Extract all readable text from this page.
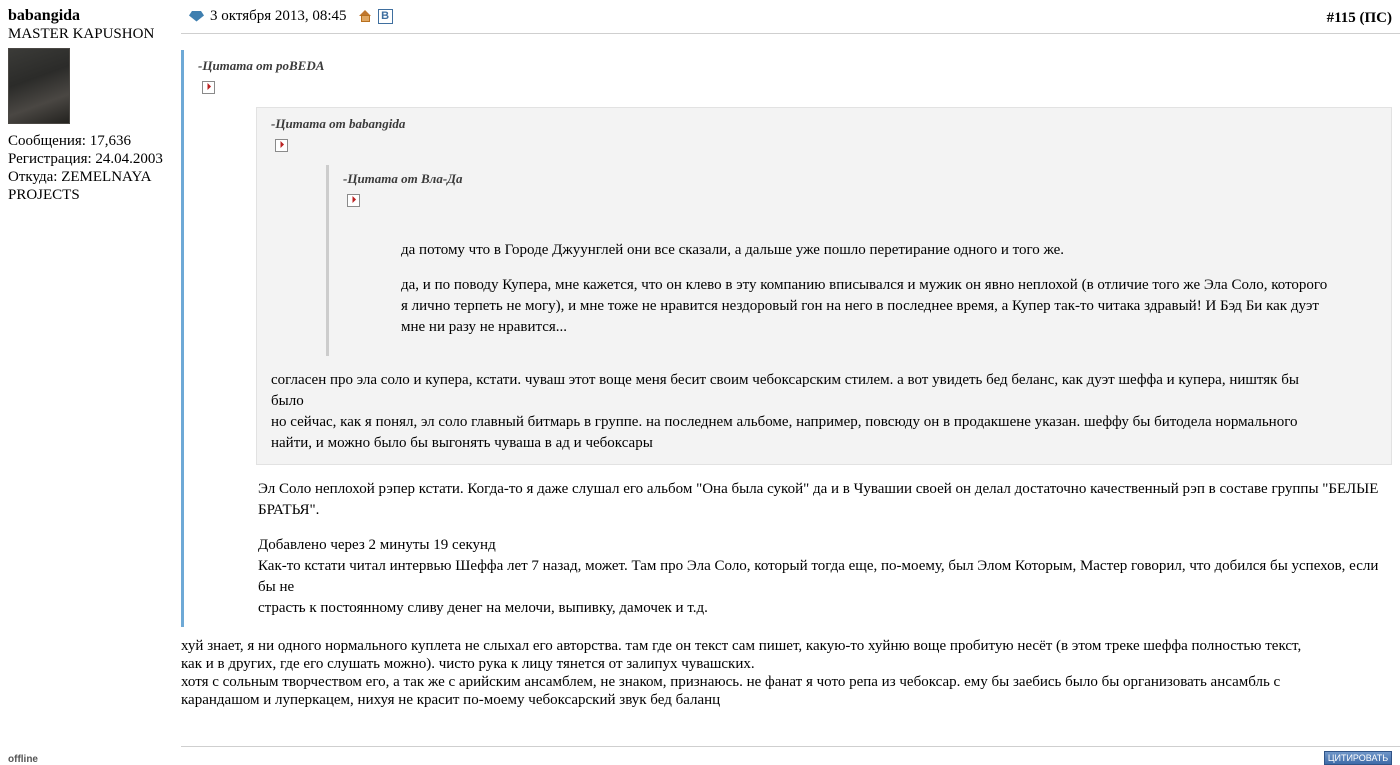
babangida
MASTER KAPUSHON
Сообщения: 17,636
Регистрация: 24.04.2003
Откуда: ZEMELNAYA PROJECTS
offline
3 октября 2013, 08:45	В	#115 (ПС)
-Цитата от poBEDA
-Цитата от babangida
-Цитата от Вла-Да

да потому что в Городе Джуунглей они все сказали, а дальше уже пошло перетирание одного и того же.

да, и по поводу Купера, мне кажется, что он клево в эту компанию вписывался и мужик он явно неплохой (в отличие того же Эла Соло, которого

я лично терпеть не могу), и мне тоже не нравится нездоровый гон на него в последнее время, а Купер так-то читака здравый! И Бэд Би как дуэт

мне ни разу не нравится...

согласен про эла соло и купера, кстати. чуваш этот воще меня бесит своим чебоксарским стилем. а вот увидеть бед беланс, как дуэт шеффа и купера, ништяк бы

было

но сейчас, как я понял, эл соло главный битмарь в группе. на последнем альбоме, например, повсюду он в продакшене указан. шеффу бы битодела нормального

найти, и можно было бы выгонять чуваша в ад и чебоксары

Эл Соло неплохой рэпер кстати. Когда-то я даже слушал его альбом "Она была сукой" да и в Чувашии своей он делал достаточно качественный рэп в составе группы "БЕЛЫЕ

БРАТЬЯ".

Добавлено через 2 минуты 19 секунд

Как-то кстати читал интервью Шеффа лет 7 назад, может. Там про Эла Соло, который тогда еще, по-моему, был Элом Которым, Мастер говорил, что добился бы успехов, если бы не

страсть к постоянному сливу денег на мелочи, выпивку, дамочек и т.д.

хуй знает, я ни одного нормального куплета не слыхал его авторства. там где он текст сам пишет, какую-то хуйню воще пробитую несёт (в этом треке шеффа полностью текст,

как и в других, где его слушать можно). чисто рука к лицу тянется от залипух чувашских.

хотя с сольным творчеством его, а так же с арийским ансамблем, не знаком, признаюсь. не фанат я чото репа из чебоксар. ему бы заебись было бы организовать ансамбль с

карандашом и луперкацем, нихуя не красит по-моему чебоксарский звук бед баланц

ЦИТИРОВАТЬ
